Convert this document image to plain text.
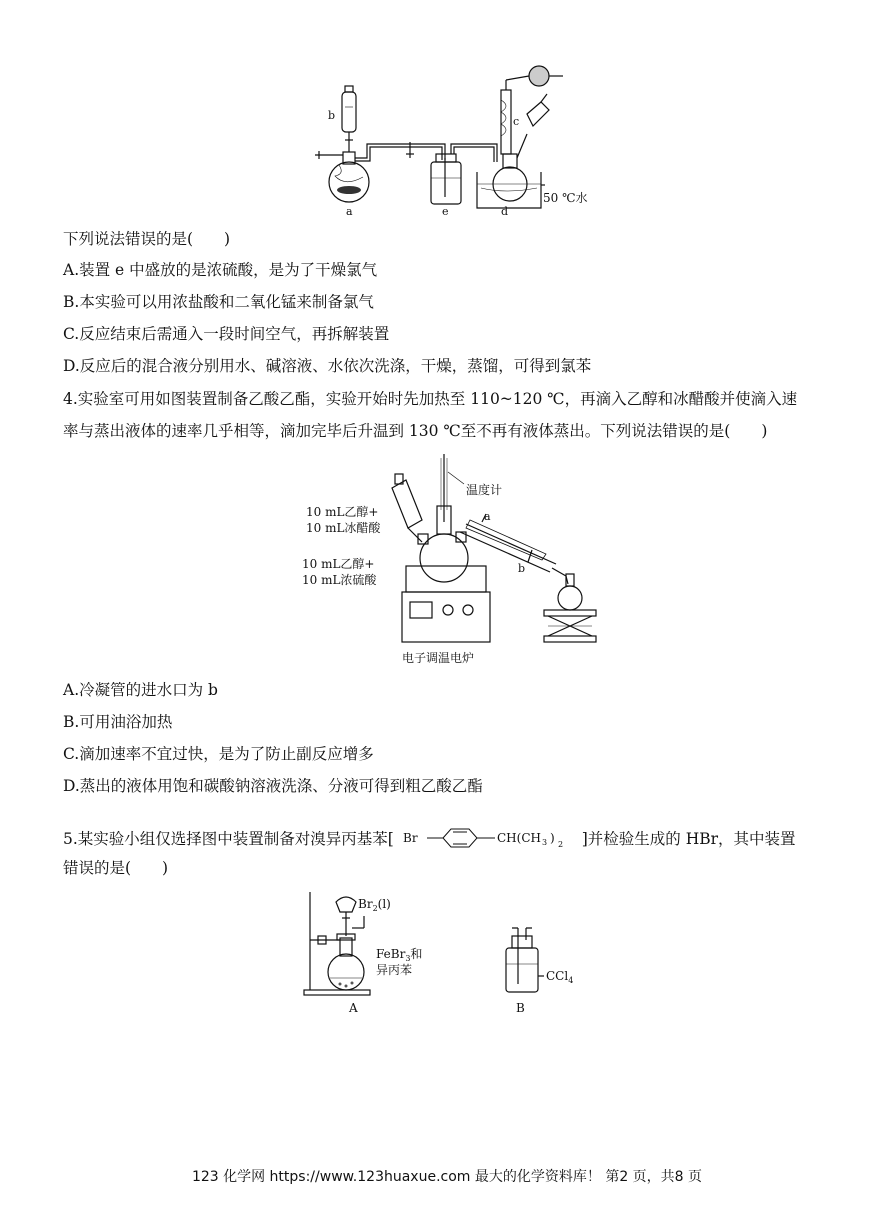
b
a	e	d
c
50 ℃水
下列说法错误的是(　　)
A.装置 e 中盛放的是浓硫酸，是为了干燥氯气
B.本实验可以用浓盐酸和二氧化锰来制备氯气
C.反应结束后需通入一段时间空气，再拆解装置
D.反应后的混合液分别用水、碱溶液、水依次洗涤，干燥，蒸馏，可得到氯苯
4.实验室可用如图装置制备乙酸乙酯，实验开始时先加热至 110~120 ℃，再滴入乙醇和冰醋酸并使滴入速
率与蒸出液体的速率几乎相等，滴加完毕后升温到 130 ℃至不再有液体蒸出。下列说法错误的是(　　)
10 mL乙醇+
10 mL冰醋酸
10 mL乙醇+
10 mL浓硫酸
温度计
a
b
电子调温电炉
A.冷凝管的进水口为 b
B.可用油浴加热
C.滴加速率不宜过快，是为了防止副反应增多
D.蒸出的液体用饱和碳酸钠溶液洗涤、分液可得到粗乙酸乙酯
5.某实验小组仅选择图中装置制备对溴异丙基苯[ Br	CH(CH 3 ) 2 ]并检验生成的 HBr，其中装置
错误的是(　　)
$Br_2(l)$
FeBr$_3$和
异丙苯	CCl$_4$
A	B
123 化学网 https://www.123huaxue.com 最大的化学资料库！ 第2 页，共8 页
